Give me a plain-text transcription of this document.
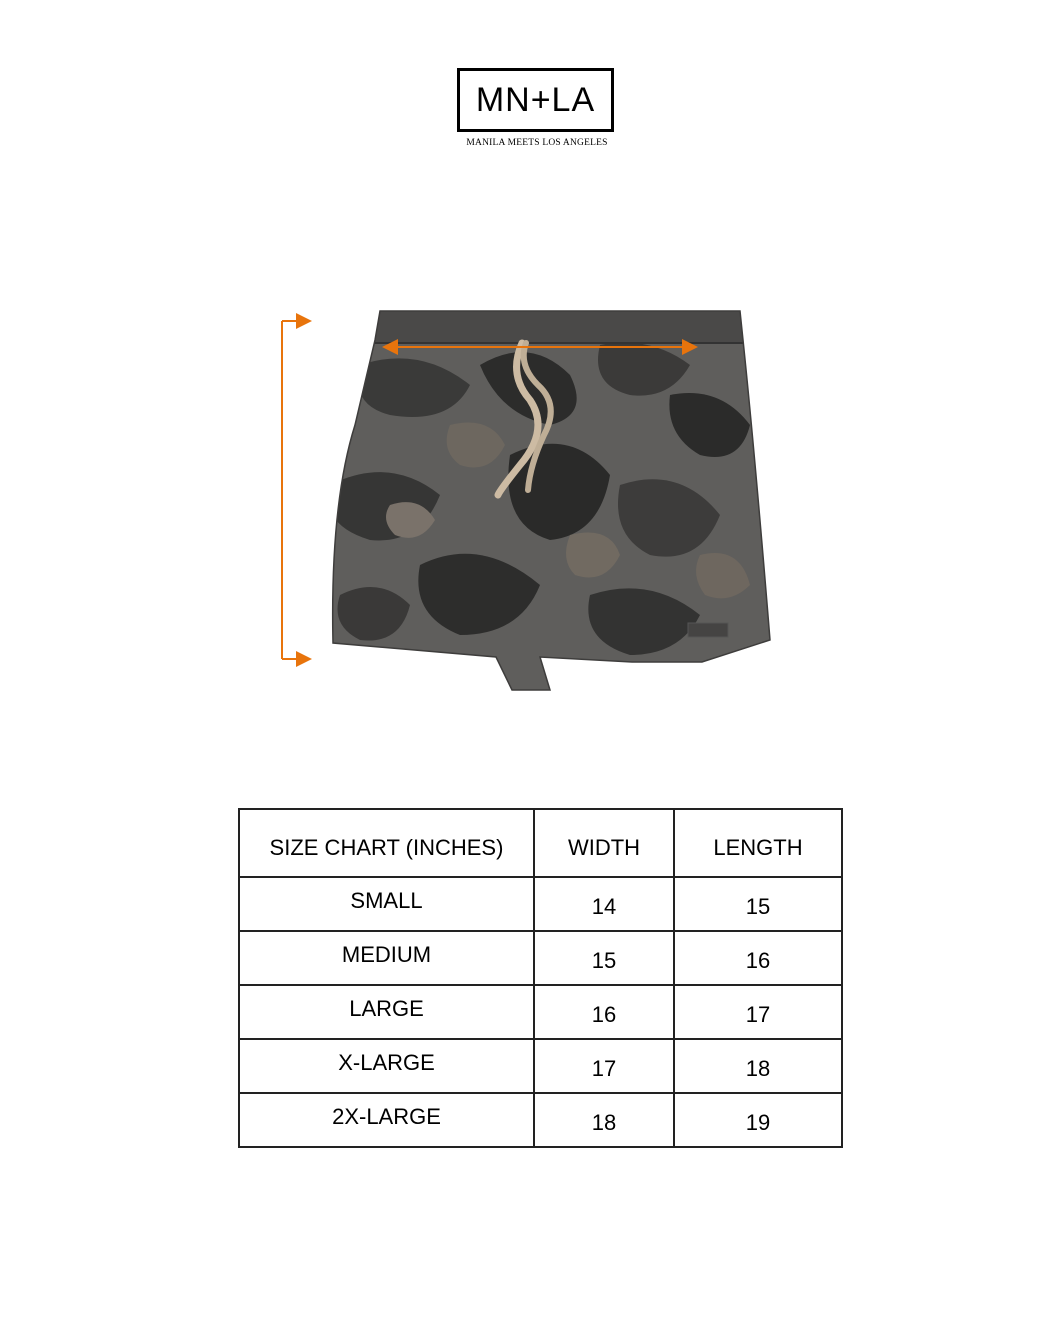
MN+LA
MANILA MEETS LOS ANGELES
SIZE CHART (INCHES)	WIDTH	LENGTH
SMALL	14	15
MEDIUM	15	16
LARGE	16	17
X-LARGE	17	18
2X-LARGE	18	19
